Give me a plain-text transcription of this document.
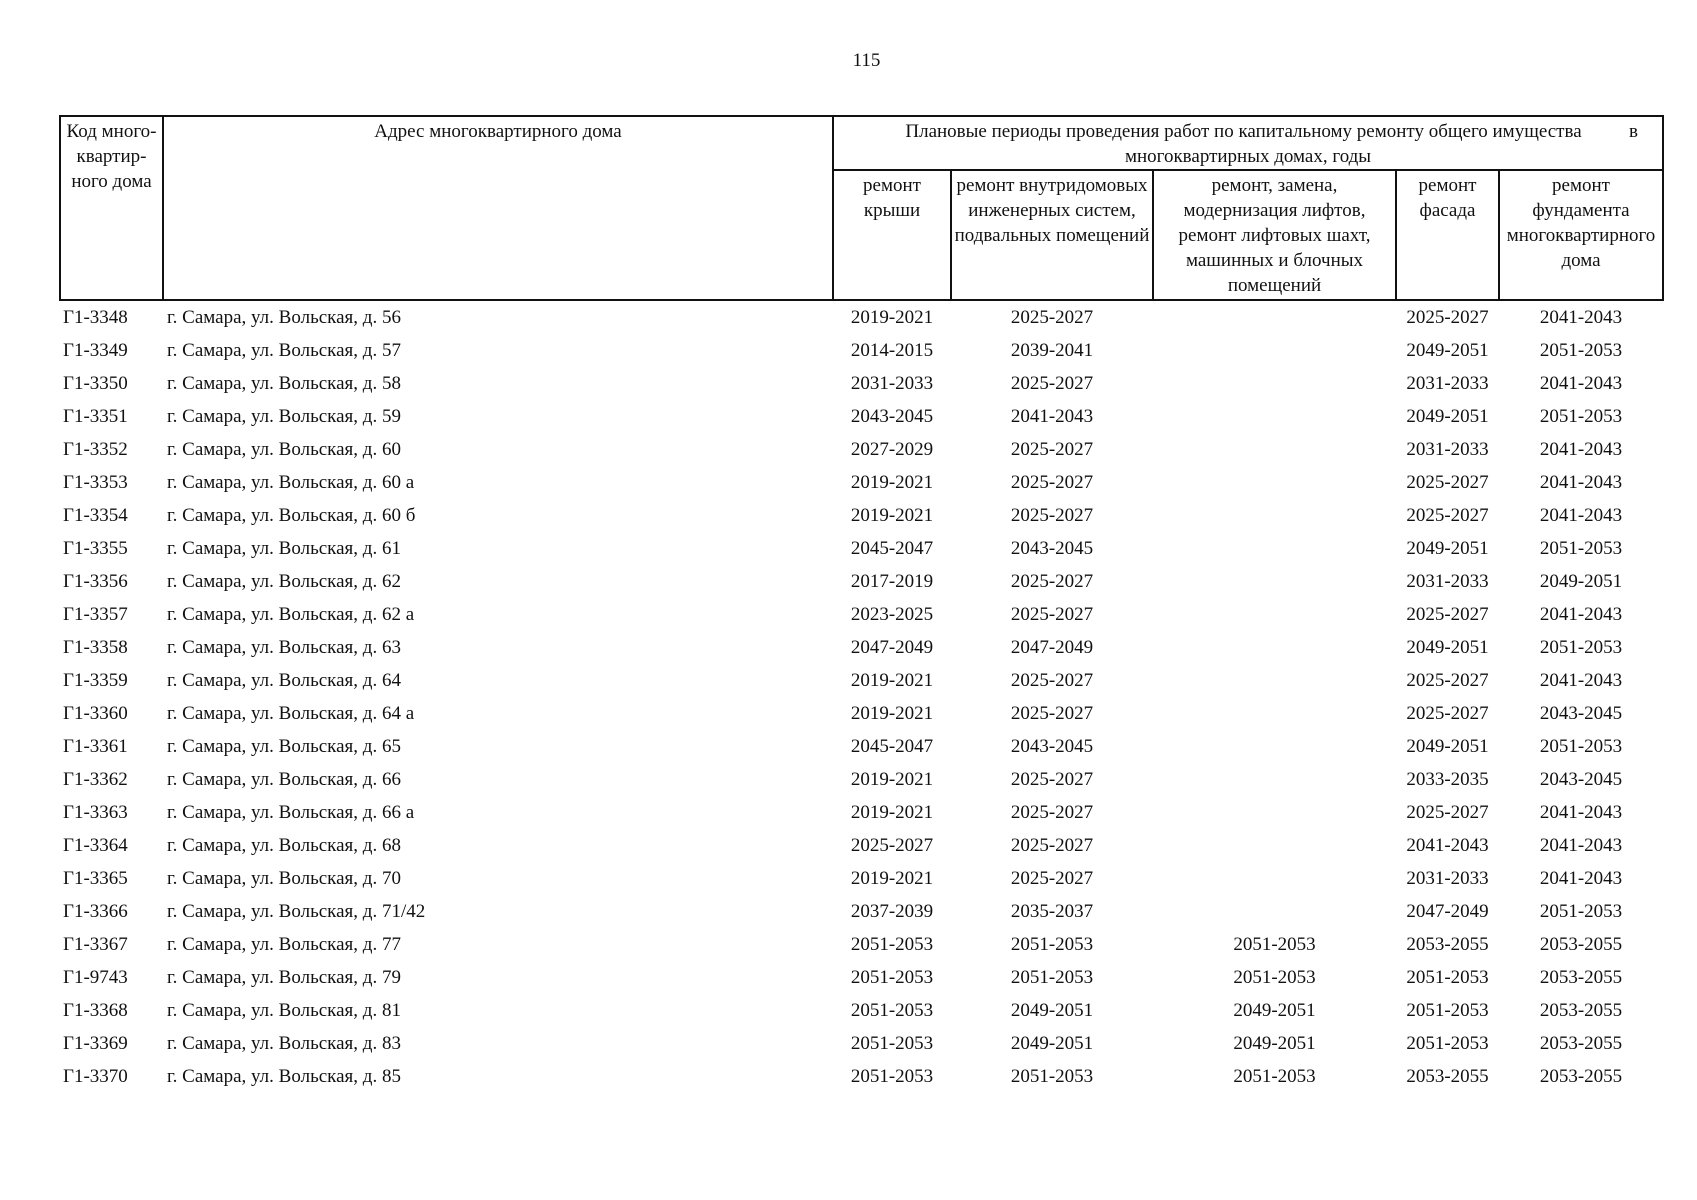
115
Код много-квартир-ного дома	Адрес многоквартирного дома	в
Плановые периоды проведения работ по капитальному ремонту общего имущества
многоквартирных домах, годы				
		ремонт крыши	ремонт внутридомовых инженерных систем, подвальных помещений	ремонт, замена, модернизация лифтов, ремонт лифтовых шахт, машинных и блочных помещений	ремонт фасада	ремонт фундамента многоквартирного дома
Г1-3348	г. Самара, ул. Вольская, д. 56	2019-2021	2025-2027		2025-2027	2041-2043
Г1-3349	г. Самара, ул. Вольская, д. 57	2014-2015	2039-2041		2049-2051	2051-2053
Г1-3350	г. Самара, ул. Вольская, д. 58	2031-2033	2025-2027		2031-2033	2041-2043
Г1-3351	г. Самара, ул. Вольская, д. 59	2043-2045	2041-2043		2049-2051	2051-2053
Г1-3352	г. Самара, ул. Вольская, д. 60	2027-2029	2025-2027		2031-2033	2041-2043
Г1-3353	г. Самара, ул. Вольская, д. 60 а	2019-2021	2025-2027		2025-2027	2041-2043
Г1-3354	г. Самара, ул. Вольская, д. 60 б	2019-2021	2025-2027		2025-2027	2041-2043
Г1-3355	г. Самара, ул. Вольская, д. 61	2045-2047	2043-2045		2049-2051	2051-2053
Г1-3356	г. Самара, ул. Вольская, д. 62	2017-2019	2025-2027		2031-2033	2049-2051
Г1-3357	г. Самара, ул. Вольская, д. 62 а	2023-2025	2025-2027		2025-2027	2041-2043
Г1-3358	г. Самара, ул. Вольская, д. 63	2047-2049	2047-2049		2049-2051	2051-2053
Г1-3359	г. Самара, ул. Вольская, д. 64	2019-2021	2025-2027		2025-2027	2041-2043
Г1-3360	г. Самара, ул. Вольская, д. 64 а	2019-2021	2025-2027		2025-2027	2043-2045
Г1-3361	г. Самара, ул. Вольская, д. 65	2045-2047	2043-2045		2049-2051	2051-2053
Г1-3362	г. Самара, ул. Вольская, д. 66	2019-2021	2025-2027		2033-2035	2043-2045
Г1-3363	г. Самара, ул. Вольская, д. 66 а	2019-2021	2025-2027		2025-2027	2041-2043
Г1-3364	г. Самара, ул. Вольская, д. 68	2025-2027	2025-2027		2041-2043	2041-2043
Г1-3365	г. Самара, ул. Вольская, д. 70	2019-2021	2025-2027		2031-2033	2041-2043
Г1-3366	г. Самара, ул. Вольская, д. 71/42	2037-2039	2035-2037		2047-2049	2051-2053
Г1-3367	г. Самара, ул. Вольская, д. 77	2051-2053	2051-2053	2051-2053	2053-2055	2053-2055
Г1-9743	г. Самара, ул. Вольская, д. 79	2051-2053	2051-2053	2051-2053	2051-2053	2053-2055
Г1-3368	г. Самара, ул. Вольская, д. 81	2051-2053	2049-2051	2049-2051	2051-2053	2053-2055
Г1-3369	г. Самара, ул. Вольская, д. 83	2051-2053	2049-2051	2049-2051	2051-2053	2053-2055
Г1-3370	г. Самара, ул. Вольская, д. 85	2051-2053	2051-2053	2051-2053	2053-2055	2053-2055
